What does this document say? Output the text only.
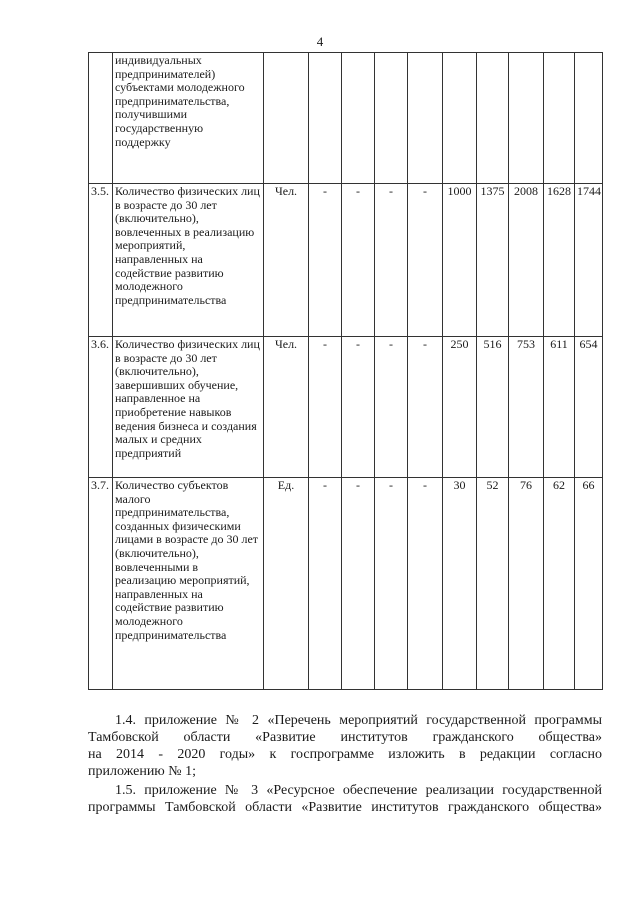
4
	индивидуальных предпринимателей) субъектами молодежного предпринимательства, получившими государственную поддержку										
3.5.	Количество физических лиц в возрасте до 30 лет (включительно), вовлеченных в реализацию мероприятий, направленных на содействие развитию молодежного предпринимательства	Чел.	-	-	-	-	1000	1375	2008	1628	1744
3.6.	Количество физических лиц в возрасте до 30 лет (включительно), завершивших обучение, направленное на приобретение навыков ведения бизнеса и создания малых и средних предприятий	Чел.	-	-	-	-	250	516	753	611	654
3.7.	Количество субъектов малого предпринимательства, созданных физическими лицами в возрасте до 30 лет (включительно), вовлеченными в реализацию мероприятий, направленных на содействие развитию молодежного предпринимательства	Ед.	-	-	-	-	30	52	76	62	66
1.4. приложение № 2 «Перечень мероприятий государственной программы
Тамбовской области «Развитие институтов гражданского общества»
на 2014 - 2020 годы» к госпрограмме изложить в редакции согласно
приложению № 1;
1.5. приложение № 3 «Ресурсное обеспечение реализации государственной
программы Тамбовской области «Развитие институтов гражданского общества»
